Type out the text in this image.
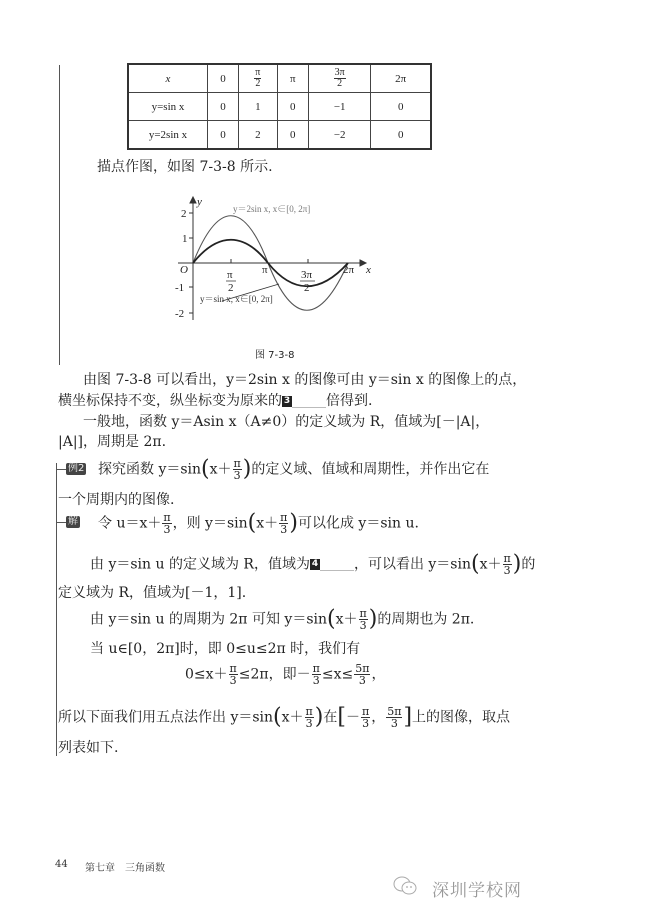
x	0	$\frac{\pi}{2}$	π	$\frac{3\pi}{2}$	2π
y=sin x	0	1	0	−1	0
y=2sin x	0	2	0	−2	0
描点作图，如图 7-3-8 所示.
y
x
O
2
1
-1
-2
π
2
π	3π
2
2π
y＝2sin x, x∈[0, 2π]
y＝sin x, x∈[0, 2π]
图 7-3-8
由图 7-3-8 可以看出，y＝2sin x 的图像可由 y＝sin x 的图像上的点，
横坐标保持不变，纵坐标变为原来的 3	倍得到.
一般地，函数 y＝Asin x（A≠0）的定义域为 R，值域为[－|A|，
|A|]，周期是 2π.
例2 探究函数 $y=\sin(x+ \frac{\pi}{3}$ )的定义域、值域和周期性，并作出它在
一个周期内的图像.
解 令 $u=x+ \frac{\pi}{3}$ ，则 $y=\sin(x+ \frac{\pi}{3}$ )可以化成 y＝sin u.
由 y＝sin u 的定义域为 R，值域为 4	，可以看出 $y=\sin(x+ \frac{\pi}{3}$ )的
定义域为 R，值域为[－1，1].
由 y＝sin u 的周期为 2π 可知 $y=\sin(x+ \frac{\pi}{3}$ )的周期也为 2π.
当 u∈[0，2π]时，即 0≤u≤2π 时，我们有
$0\le x+ \frac{\pi}{3} \le 2\pi$，即－ $\frac{\pi}{3} \le x\le \frac{5\pi}{3}$ ，
所以下面我们用五点法作出 $y=\sin(x+ \frac{\pi}{3}$ )在[－ $\frac{\pi}{3}$ ， $\frac{5\pi}{3}$ ]上的图像，取点
列表如下.
44 第七章　三角函数
深圳学校网
